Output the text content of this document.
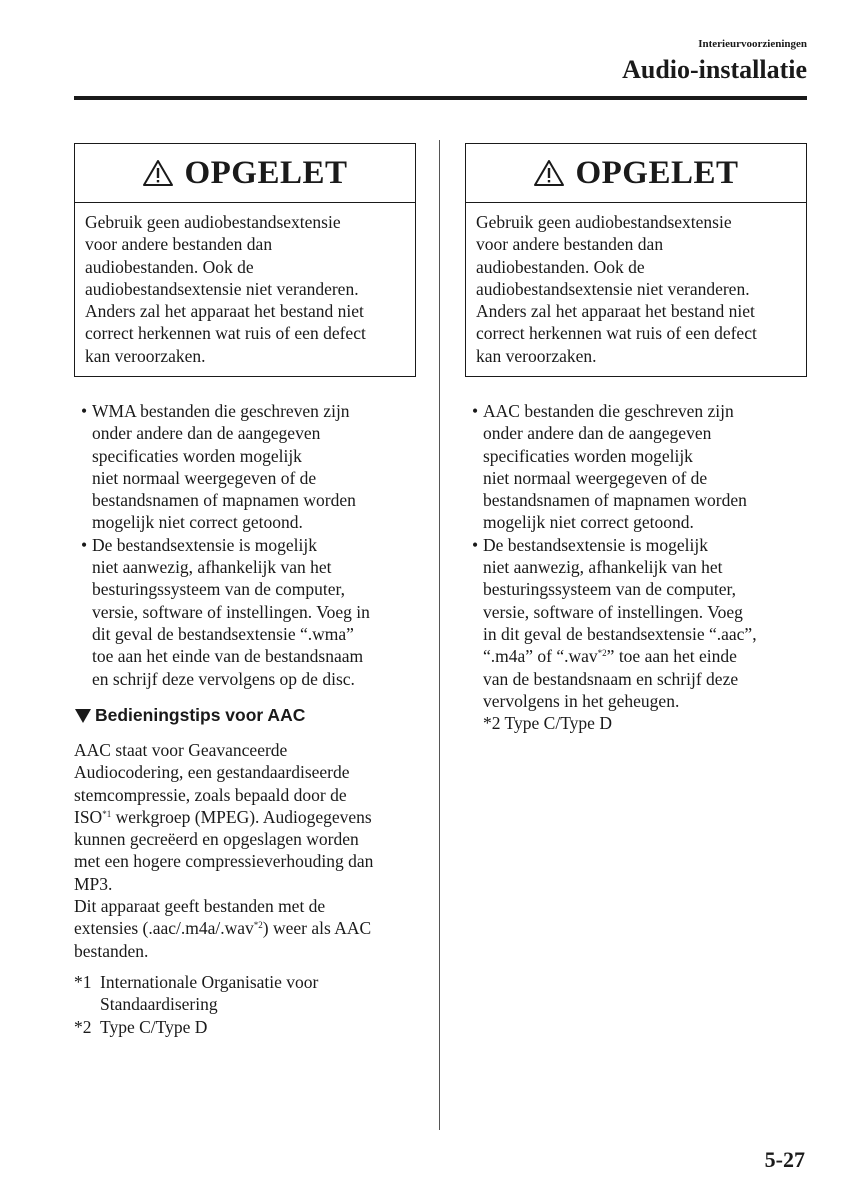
Interieurvoorzieningen
Audio-installatie
OPGELET
Gebruik geen audiobestandsextensie
voor andere bestanden dan
audiobestanden. Ook de
audiobestandsextensie niet veranderen.
Anders zal het apparaat het bestand niet
correct herkennen wat ruis of een defect
kan veroorzaken.
OPGELET
Gebruik geen audiobestandsextensie
voor andere bestanden dan
audiobestanden. Ook de
audiobestandsextensie niet veranderen.
Anders zal het apparaat het bestand niet
correct herkennen wat ruis of een defect
kan veroorzaken.
• WMA bestanden die geschreven zijn
onder andere dan de aangegeven
specificaties worden mogelijk
niet normaal weergegeven of de
bestandsnamen of mapnamen worden
mogelijk niet correct getoond.
• De bestandsextensie is mogelijk
niet aanwezig, afhankelijk van het
besturingssysteem van de computer,
versie, software of instellingen. Voeg in
dit geval de bestandsextensie “.wma”
toe aan het einde van de bestandsnaam
en schrijf deze vervolgens op de disc.
Bedieningstips voor AAC
AAC staat voor Geavanceerde
Audiocodering, een gestandaardiseerde
stemcompressie, zoals bepaald door de
ISO$^{*1}$ werkgroep (MPEG). Audiogegevens
kunnen gecreëerd en opgeslagen worden
met een hogere compressieverhouding dan
MP3.
Dit apparaat geeft bestanden met de
extensies (.aac/.m4a/.wav$^{*2}$) weer als AAC
bestanden.
*1 Internationale Organisatie voor
Standaardisering
*2 Type C/Type D
• AAC bestanden die geschreven zijn
onder andere dan de aangegeven
specificaties worden mogelijk
niet normaal weergegeven of de
bestandsnamen of mapnamen worden
mogelijk niet correct getoond.
• De bestandsextensie is mogelijk
niet aanwezig, afhankelijk van het
besturingssysteem van de computer,
versie, software of instellingen. Voeg
in dit geval de bestandsextensie “.aac”,
“.m4a” of “.wav$^{*2}$” toe aan het einde
van de bestandsnaam en schrijf deze
vervolgens in het geheugen.
*2 Type C/Type D
5-27
